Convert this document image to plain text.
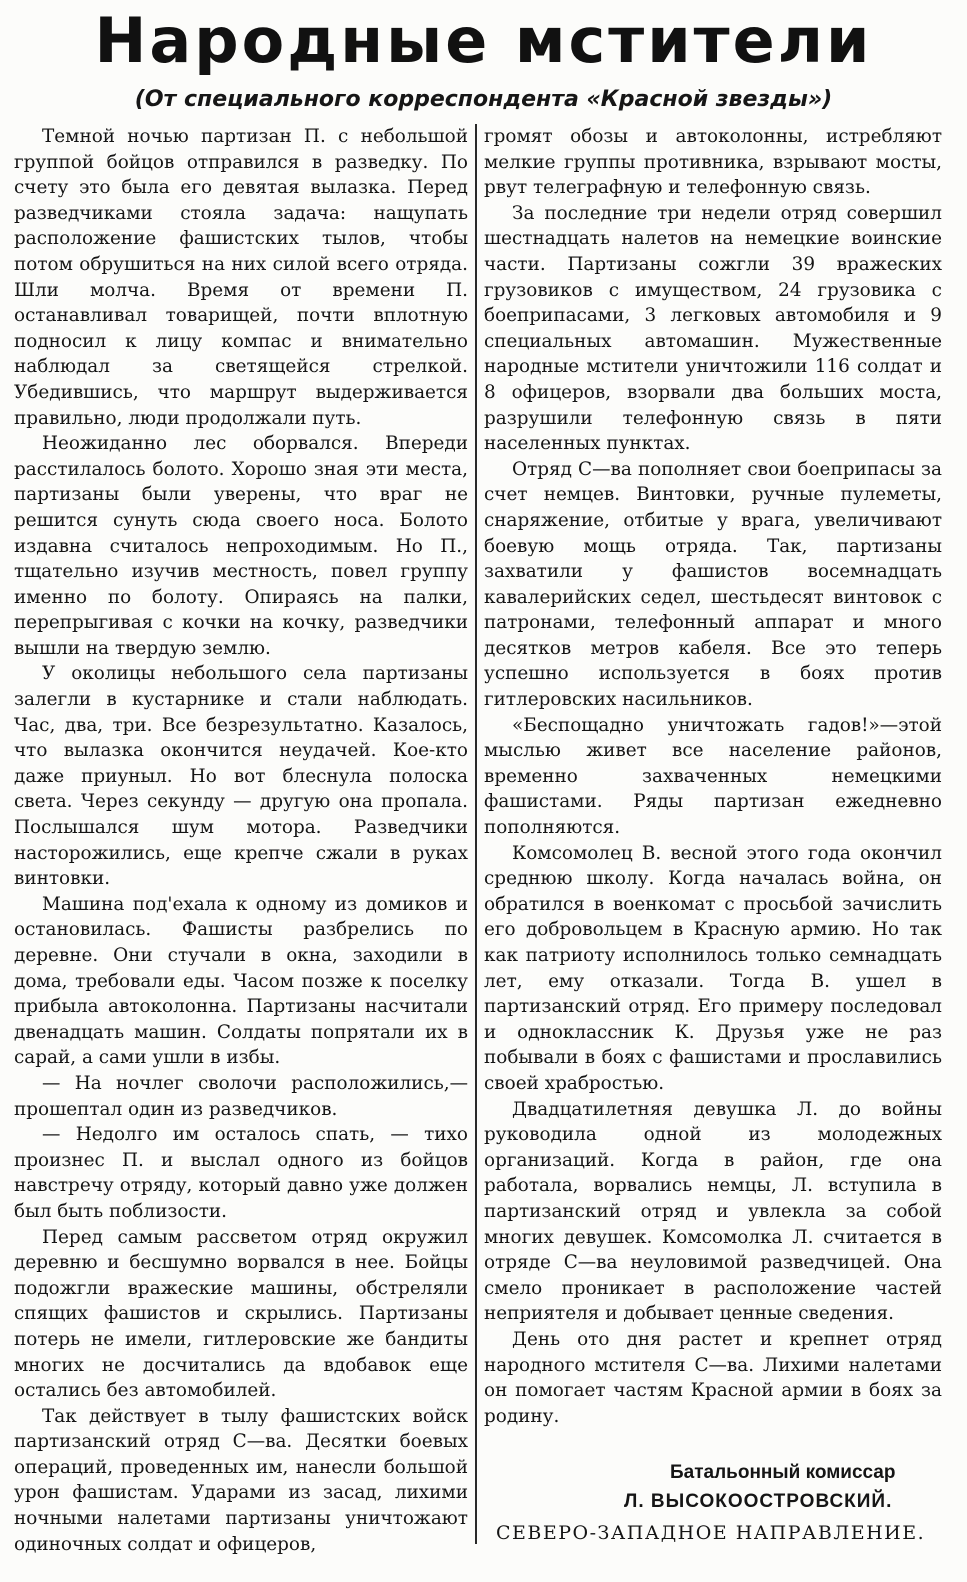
Народные мстители
(От специального корреспондента «Красной звезды»)

Темной ночью партизан П. с небольшой группой бойцов отправился в разведку. По счету это была его девятая вылазка. Перед разведчиками стояла задача: нащупать расположение фашистских тылов, чтобы потом обрушиться на них силой всего отряда. Шли молча. Время от времени П. останавливал товарищей, почти вплотную подносил к лицу компас и внимательно наблюдал за светящейся стрелкой. Убедившись, что маршрут выдерживается правильно, люди продолжали путь.

Неожиданно лес оборвался. Впереди расстилалось болото. Хорошо зная эти места, партизаны были уверены, что враг не решится сунуть сюда своего носа. Болото издавна считалось непроходимым. Но П., тщательно изучив местность, повел группу именно по болоту. Опираясь на палки, перепрыгивая с кочки на кочку, разведчики вышли на твердую землю.

У околицы небольшого села партизаны залегли в кустарнике и стали наблюдать. Час, два, три. Все безрезультатно. Казалось, что вылазка окончится неудачей. Кое-кто даже приуныл. Но вот блеснула полоска света. Через секунду — другую она пропала. Послышался шум мотора. Разведчики насторожились, еще крепче сжали в руках винтовки.

Машина под'ехала к одному из домиков и остановилась. Фашисты разбрелись по деревне. Они стучали в окна, заходили в дома, требовали еды. Часом позже к поселку прибыла автоколонна. Партизаны насчитали двенадцать машин. Солдаты попрятали их в сарай, а сами ушли в избы.

— На ночлег сволочи расположились,— прошептал один из разведчиков.

— Недолго им осталось спать, — тихо произнес П. и выслал одного из бойцов навстречу отряду, который давно уже должен был быть поблизости.

Перед самым рассветом отряд окружил деревню и бесшумно ворвался в нее. Бойцы подожгли вражеские машины, обстреляли спящих фашистов и скрылись. Партизаны потерь не имели, гитлеровские же бандиты многих не досчитались да вдобавок еще остались без автомобилей.

Так действует в тылу фашистских войск партизанский отряд С—ва. Десятки боевых операций, проведенных им, нанесли большой урон фашистам. Ударами из засад, лихими ночными налетами партизаны уничтожают одиночных солдат и офицеров,

громят обозы и автоколонны, истребляют мелкие группы противника, взрывают мосты, рвут телеграфную и телефонную связь.

За последние три недели отряд совершил шестнадцать налетов на немецкие воинские части. Партизаны сожгли 39 вражеских грузовиков с имуществом, 24 грузовика с боеприпасами, 3 легковых автомобиля и 9 специальных автомашин. Мужественные народные мстители уничтожили 116 солдат и 8 офицеров, взорвали два больших моста, разрушили телефонную связь в пяти населенных пунктах.

Отряд С—ва пополняет свои боеприпасы за счет немцев. Винтовки, ручные пулеметы, снаряжение, отбитые у врага, увеличивают боевую мощь отряда. Так, партизаны захватили у фашистов восемнадцать кавалерийских седел, шестьдесят винтовок с патронами, телефонный аппарат и много десятков метров кабеля. Все это теперь успешно используется в боях против гитлеровских насильников.

«Беспощадно уничтожать гадов!»—этой мыслью живет все население районов, временно захваченных немецкими фашистами. Ряды партизан ежедневно пополняются.

Комсомолец В. весной этого года окончил среднюю школу. Когда началась война, он обратился в военкомат с просьбой зачислить его добровольцем в Красную армию. Но так как патриоту исполнилось только семнадцать лет, ему отказали. Тогда В. ушел в партизанский отряд. Его примеру последовал и одноклассник К. Друзья уже не раз побывали в боях с фашистами и прославились своей храбростью.

Двадцатилетняя девушка Л. до войны руководила одной из молодежных организаций. Когда в район, где она работала, ворвались немцы, Л. вступила в партизанский отряд и увлекла за собой многих девушек. Комсомолка Л. считается в отряде С—ва неуловимой разведчицей. Она смело проникает в расположение частей неприятеля и добывает ценные сведения.

День ото дня растет и крепнет отряд народного мстителя С—ва. Лихими налетами он помогает частям Красной армии в боях за родину.

Батальонный комиссар
Л. ВЫСОКООСТРОВСКИЙ.
СЕВЕРО-ЗАПАДНОЕ НАПРАВЛЕНИЕ.
